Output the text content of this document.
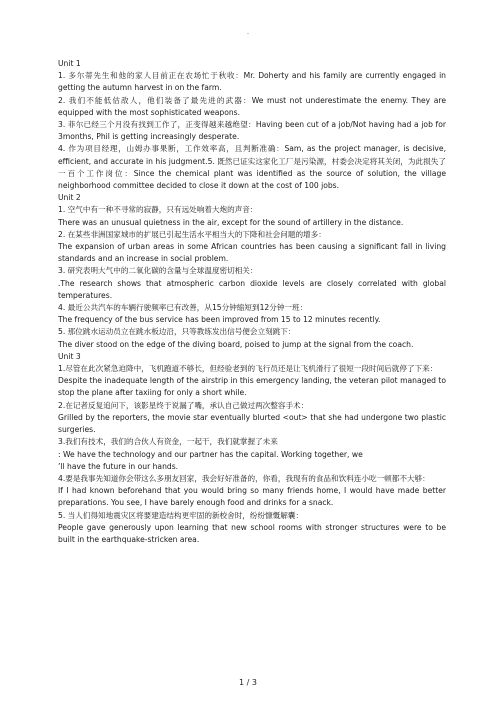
.
Unit 1
1. 多尔蒂先生和他的家人目前正在农场忙于秋收：Mr. Doherty and his family are currently engaged in getting the autumn harvest in on the farm.
2. 我们不能低估敌人，他们装备了最先进的武器：We must not underestimate the enemy. They are equipped with the most sophisticated weapons.
3. 菲尔已经三个月没有找到工作了，正变得越来越绝望：Having been cut of a job/Not having had a job for 3months, Phil is getting increasingly desperate.
4. 作为项目经理，山姆办事果断，工作效率高，且判断准确：Sam, as the project manager, is decisive, efficient, and accurate in his judgment.5. 既然已证实这家化工厂是污染源，村委会决定将其关闭，为此损失了一百个工作岗位：Since the chemical plant was identified as the source of solution, the village neighborhood committee decided to close it down at the cost of 100 jobs.
Unit 2
1. 空气中有一种不寻常的寂静，只有远处响着大炮的声音：
There was an unusual quietness in the air, except for the sound of artillery in the distance.
2. 在某些非洲国家城市的扩展已引起生活水平相当大的下降和社会问题的增多：
The expansion of urban areas in some African countries has been causing a significant fall in living standards and an increase in social problem.
3. 研究表明大气中的二氧化碳的含量与全球温度密切相关：
.The research shows that atmospheric carbon dioxide levels are closely correlated with global temperatures.
4. 最近公共汽车的车辆行驶频率已有改善，从15分钟缩短到12分钟一班：
The frequency of the bus service has been improved from 15 to 12 minutes recently.
5. 那位跳水运动员立在跳水板边沿，只等教练发出信号便会立刻跳下：
The diver stood on the edge of the diving board, poised to jump at the signal from the coach.
Unit 3
1.尽管在此次紧急迫降中，飞机跑道不够长，但经验老到的飞行员还是让飞机滑行了很短一段时间后就停了下来：
Despite the inadequate length of the airstrip in this emergency landing, the veteran pilot managed to stop the plane after taxiing for only a short while.
2.在记者反复追问下，该影星终于说漏了嘴，承认自己做过两次整容手术：
Grilled by the reporters, the movie star eventually blurted <out> that she had undergone two plastic surgeries.
3.我们有技术，我们的合伙人有资金，一起干，我们就掌握了未来
: We have the technology and our partner has the capital. Working together, we
’ll have the future in our hands.
4.要是我事先知道你会带这么多朋友回家，我会好好准备的，你看，我现有的食品和饮料连小吃一顿都不大够：
If I had known beforehand that you would bring so many friends home, I would have made better preparations. You see, I have barely enough food and drinks for a snack.
5. 当人们得知地震灾区将要建造结构更牢固的新校舍时，纷纷慷慨解囊：
People gave generously upon learning that new school rooms with stronger structures were to be built in the earthquake-stricken area.
1 / 3
